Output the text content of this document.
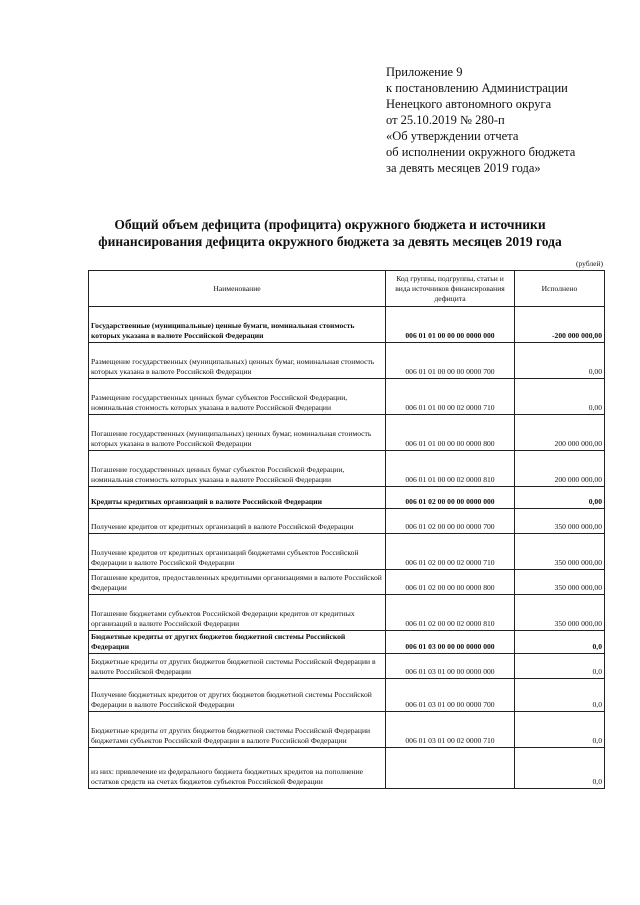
Приложение 9
к постановлению Администрации
Ненецкого автономного округа
от 25.10.2019 № 280-п
«Об утверждении отчета
об исполнении окружного бюджета
за девять месяцев 2019 года»
Общий объем дефицита (профицита) окружного бюджета и источники
финансирования дефицита окружного бюджета за девять месяцев 2019 года
(рублей)
Наименование	Код группы, подгруппы, статьи и вида источников финансирования дефицита	Исполнено
Государственные (муниципальные) ценные бумаги, номинальная стоимость которых указана в валюте Российской Федерации	006 01 01 00 00 00 0000 000	-200 000 000,00
Размещение государственных (муниципальных) ценных бумаг, номинальная стоимость которых указана в валюте Российской Федерации	006 01 01 00 00 00 0000 700	0,00
Размещение государственных ценных бумаг субъектов Российской Федерации, номинальная стоимость которых указана в валюте Российской Федерации	006 01 01 00 00 02 0000 710	0,00
Погашение государственных (муниципальных) ценных бумаг, номинальная стоимость которых указана в валюте Российской Федерации	006 01 01 00 00 00 0000 800	200 000 000,00
Погашение государственных ценных бумаг субъектов Российской Федерации, номинальная стоимость которых указана в валюте Российской Федерации	006 01 01 00 00 02 0000 810	200 000 000,00
Кредиты кредитных организаций в валюте Российской Федерации	006 01 02 00 00 00 0000 000	0,00
Получение кредитов от кредитных организаций в валюте Российской Федерации	006 01 02 00 00 00 0000 700	350 000 000,00
Получение кредитов от кредитных организаций бюджетами субъектов Российской Федерации в валюте Российской Федерации	006 01 02 00 00 02 0000 710	350 000 000,00
Погашение кредитов, предоставленных кредитными организациями в валюте Российской Федерации	006 01 02 00 00 00 0000 800	350 000 000,00
Погашение бюджетами субъектов Российской Федерации кредитов от кредитных организаций в валюте Российской Федерации	006 01 02 00 00 02 0000 810	350 000 000,00
Бюджетные кредиты от других бюджетов бюджетной системы Российской Федерации	006 01 03 00 00 00 0000 000	0,0
Бюджетные кредиты от других бюджетов бюджетной системы Российской Федерации в валюте Российской Федерации	006 01 03 01 00 00 0000 000	0,0
Получение бюджетных кредитов от других бюджетов бюджетной системы Российской Федерации в валюте Российской Федерации	006 01 03 01 00 00 0000 700	0,0
Бюджетные кредиты от других бюджетов бюджетной системы Российской Федерации бюджетами субъектов Российской Федерации в валюте Российской Федерации	006 01 03 01 00 02 0000 710	0,0
из них: привлечение из федерального бюджета бюджетных кредитов на пополнение остатков средств на счетах бюджетов субъектов Российской Федерации		0,0
